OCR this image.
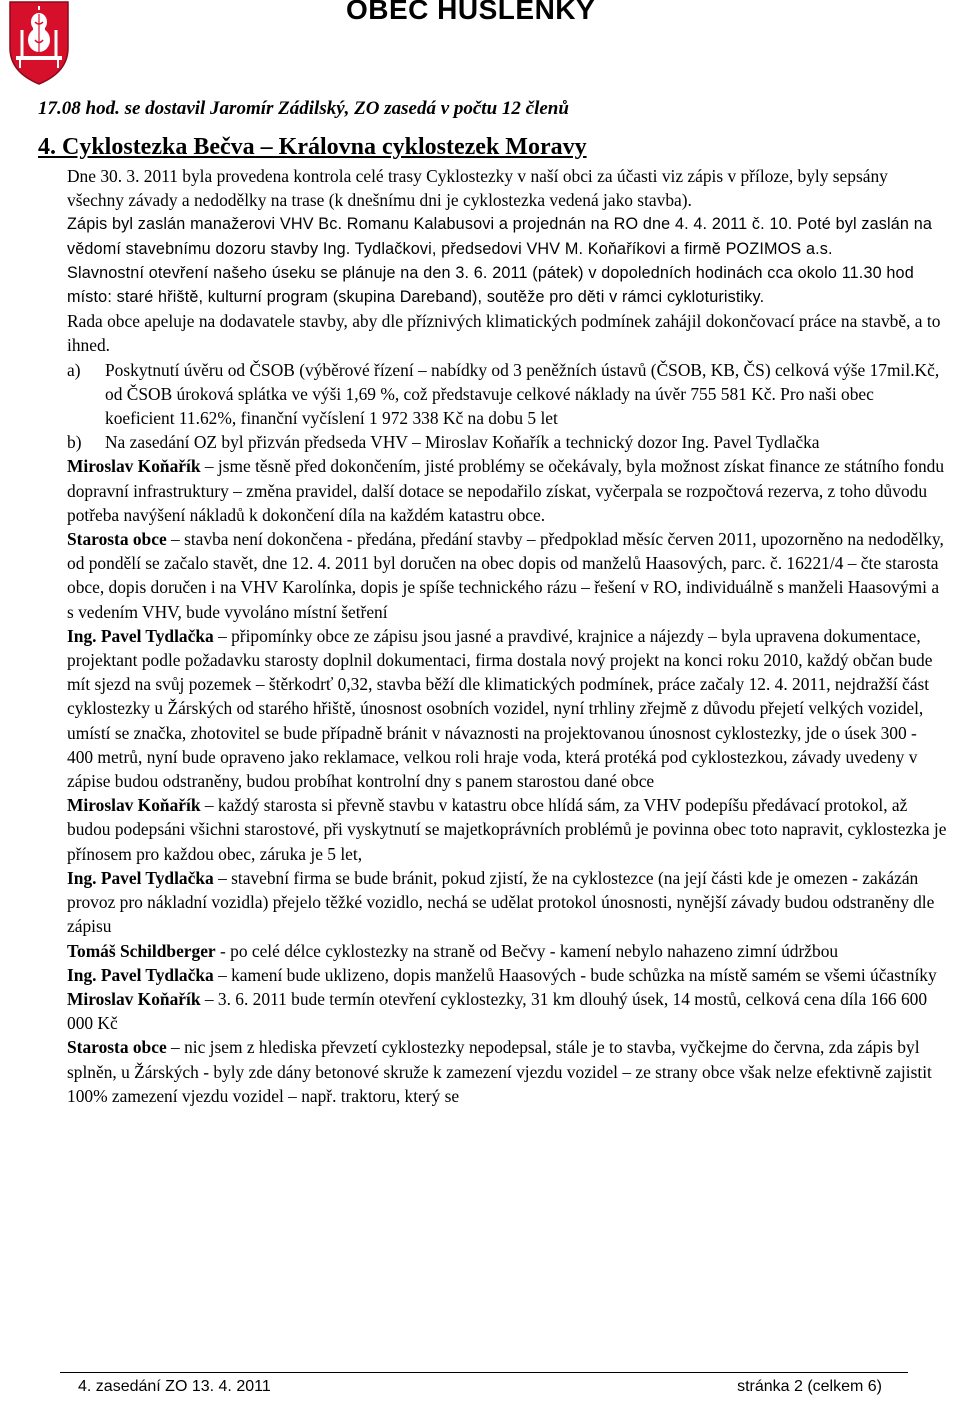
OBEC HUSLENKY
17.08 hod. se dostavil Jaromír Zádilský, ZO zasedá v počtu 12 členů
4. Cyklostezka Bečva – Královna cyklostezek Moravy

Dne 30. 3. 2011 byla provedena kontrola celé trasy Cyklostezky v naší obci za účasti viz zápis v příloze, byly sepsány všechny závady a nedodělky na trase (k dnešnímu dni je cyklostezka vedená jako stavba).

Zápis byl zaslán manažerovi VHV Bc. Romanu Kalabusovi a projednán na RO dne 4. 4. 2011 č. 10. Poté byl zaslán na vědomí stavebnímu dozoru stavby Ing. Tydlačkovi, předsedovi VHV M. Koňaříkovi a firmě POZIMOS a.s.

Slavnostní otevření našeho úseku se plánuje na den 3. 6. 2011 (pátek) v dopoledních hodinách cca okolo 11.30 hod místo: staré hřiště, kulturní program (skupina Dareband), soutěže pro děti v rámci cykloturistiky.

Rada obce apeluje na dodavatele stavby, aby dle příznivých klimatických podmínek zahájil dokončovací práce na stavbě, a to ihned.

a) Poskytnutí úvěru od ČSOB (výběrové řízení – nabídky od 3 peněžních ústavů (ČSOB, KB, ČS) celková výše 17mil.Kč, od ČSOB úroková splátka ve výši 1,69 %, což představuje celkové náklady na úvěr 755 581 Kč. Pro naši obec koeficient 11.62%, finanční vyčíslení 1 972 338 Kč na dobu 5 let
b) Na zasedání OZ byl přizván předseda VHV – Miroslav Koňařík a technický dozor Ing. Pavel Tydlačka

Miroslav Koňařík – jsme těsně před dokončením, jisté problémy se očekávaly, byla možnost získat finance ze státního fondu dopravní infrastruktury – změna pravidel, další dotace se nepodařilo získat, vyčerpala se rozpočtová rezerva, z toho důvodu potřeba navýšení nákladů k dokončení díla na každém katastru obce.

Starosta obce – stavba není dokončena - předána, předání stavby – předpoklad měsíc červen 2011, upozorněno na nedodělky, od pondělí se začalo stavět, dne 12. 4. 2011 byl doručen na obec dopis od manželů Haasových, parc. č. 16221/4 – čte starosta obce, dopis doručen i na VHV Karolínka, dopis je spíše technického rázu – řešení v RO, individuálně s manželi Haasovými a s vedením VHV, bude vyvoláno místní šetření

Ing. Pavel Tydlačka – připomínky obce ze zápisu jsou jasné a pravdivé, krajnice a nájezdy – byla upravena dokumentace, projektant podle požadavku starosty doplnil dokumentaci, firma dostala nový projekt na konci roku 2010, každý občan bude mít sjezd na svůj pozemek – štěrkodrť 0,32, stavba běží dle klimatických podmínek, práce začaly 12. 4. 2011, nejdražší část cyklostezky u Žárských od starého hřiště, únosnost osobních vozidel, nyní trhliny zřejmě z důvodu přejetí velkých vozidel, umístí se značka, zhotovitel se bude případně bránit v návaznosti na projektovanou únosnost cyklostezky, jde o úsek 300 - 400 metrů, nyní bude opraveno jako reklamace, velkou roli hraje voda, která protéká pod cyklostezkou, závady uvedeny v zápise budou odstraněny, budou probíhat kontrolní dny s panem starostou dané obce

Miroslav Koňařík – každý starosta si převně stavbu v katastru obce hlídá sám, za VHV podepíšu předávací protokol, až budou podepsáni všichni starostové, při vyskytnutí se majetkoprávních problémů je povinna obec toto napravit, cyklostezka je přínosem pro každou obec, záruka je 5 let,

Ing. Pavel Tydlačka – stavební firma se bude bránit, pokud zjistí, že na cyklostezce (na její části kde je omezen - zakázán provoz pro nákladní vozidla) přejelo těžké vozidlo, nechá se udělat protokol únosnosti, nynější závady budou odstraněny dle zápisu

Tomáš Schildberger - po celé délce cyklostezky na straně od Bečvy - kamení nebylo nahazeno zimní údržbou

Ing. Pavel Tydlačka – kamení bude uklizeno, dopis manželů Haasových - bude schůzka na místě samém se všemi účastníky

Miroslav Koňařík – 3. 6. 2011 bude termín otevření cyklostezky, 31 km dlouhý úsek, 14 mostů, celková cena díla 166 600 000 Kč

Starosta obce – nic jsem z hlediska převzetí cyklostezky nepodepsal, stále je to stavba, vyčkejme do června, zda zápis byl splněn, u Žárských - byly zde dány betonové skruže k zamezení vjezdu vozidel – ze strany obce však nelze efektivně zajistit 100% zamezení vjezdu vozidel – např. traktoru, který se

4. zasedání ZO 13. 4. 2011	stránka 2 (celkem 6)
